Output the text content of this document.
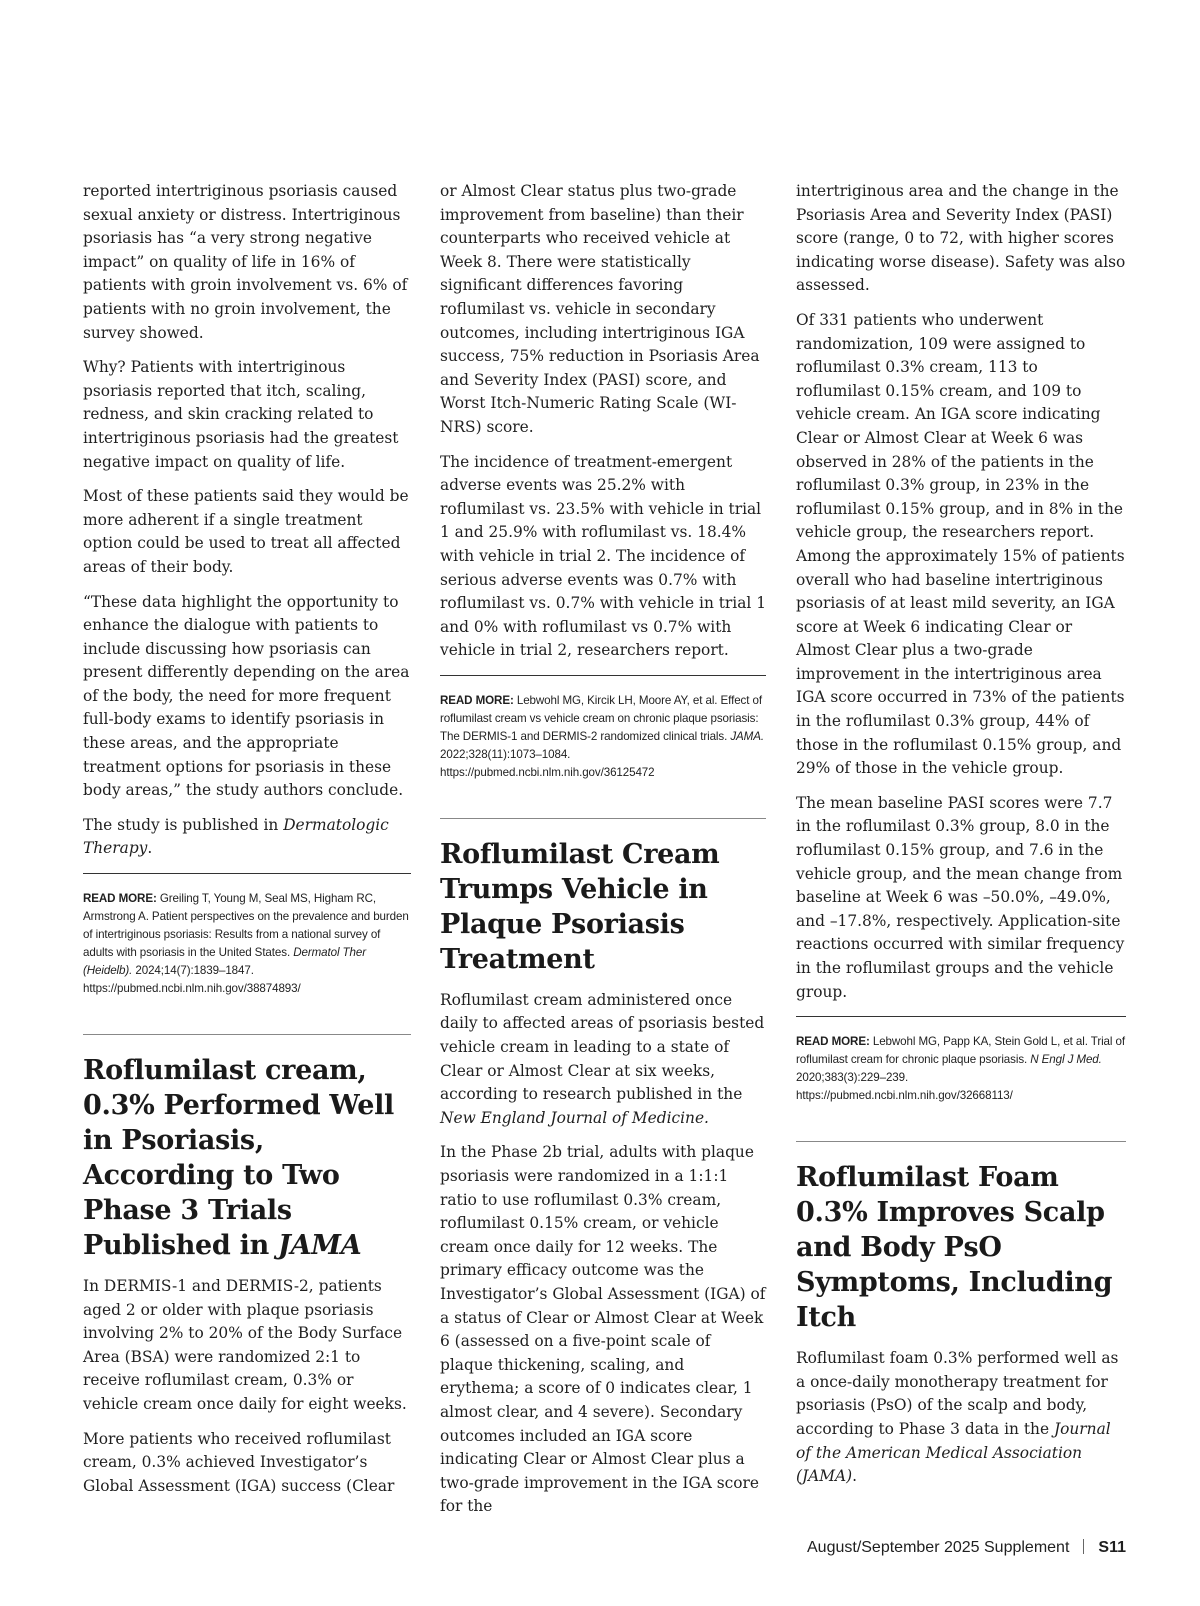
reported intertriginous psoriasis caused sexual anxiety or distress. Intertriginous psoriasis has “a very strong negative impact” on quality of life in 16% of patients with groin involvement vs. 6% of patients with no groin involvement, the survey showed.

Why? Patients with intertriginous psoriasis reported that itch, scaling, redness, and skin cracking related to intertriginous psoriasis had the greatest negative impact on quality of life.

Most of these patients said they would be more adherent if a single treatment option could be used to treat all affected areas of their body.

“These data highlight the opportunity to enhance the dialogue with patients to include discussing how psoriasis can present differently depending on the area of the body, the need for more frequent full-body exams to identify psoriasis in these areas, and the appropriate treatment options for psoriasis in these body areas,” the study authors conclude.

The study is published in Dermatologic Therapy.

READ MORE: Greiling T, Young M, Seal MS, Higham RC, Armstrong A. Patient perspectives on the prevalence and burden of intertriginous psoriasis: Results from a national survey of adults with psoriasis in the United States. Dermatol Ther (Heidelb). 2024;14(7):1839–1847. https://pubmed.ncbi.nlm.nih.gov/38874893/

Roflumilast cream, 0.3% Performed Well in Psoriasis, According to Two Phase 3 Trials Published in JAMA

In DERMIS-1 and DERMIS-2, patients aged 2 or older with plaque psoriasis involving 2% to 20% of the Body Surface Area (BSA) were randomized 2:1 to receive roflumilast cream, 0.3% or vehicle cream once daily for eight weeks.

More patients who received roflumilast cream, 0.3% achieved Investigator’s Global Assessment (IGA) success (Clear

or Almost Clear status plus two-grade improvement from baseline) than their counterparts who received vehicle at Week 8. There were statistically significant differences favoring roflumilast vs. vehicle in secondary outcomes, including intertriginous IGA success, 75% reduction in Psoriasis Area and Severity Index (PASI) score, and Worst Itch-Numeric Rating Scale (WI-NRS) score.

The incidence of treatment-emergent adverse events was 25.2% with roflumilast vs. 23.5% with vehicle in trial 1 and 25.9% with roflumilast vs. 18.4% with vehicle in trial 2. The incidence of serious adverse events was 0.7% with roflumilast vs. 0.7% with vehicle in trial 1 and 0% with roflumilast vs 0.7% with vehicle in trial 2, researchers report.

READ MORE: Lebwohl MG, Kircik LH, Moore AY, et al. Effect of roflumilast cream vs vehicle cream on chronic plaque psoriasis: The DERMIS-1 and DERMIS-2 randomized clinical trials. JAMA. 2022;328(11):1073–1084. https://pubmed.ncbi.nlm.nih.gov/36125472

Roflumilast Cream Trumps Vehicle in Plaque Psoriasis Treatment

Roflumilast cream administered once daily to affected areas of psoriasis bested vehicle cream in leading to a state of Clear or Almost Clear at six weeks, according to research published in the New England Journal of Medicine.

In the Phase 2b trial, adults with plaque psoriasis were randomized in a 1:1:1 ratio to use roflumilast 0.3% cream, roflumilast 0.15% cream, or vehicle cream once daily for 12 weeks. The primary efficacy outcome was the Investigator’s Global Assessment (IGA) of a status of Clear or Almost Clear at Week 6 (assessed on a five-point scale of plaque thickening, scaling, and erythema; a score of 0 indicates clear, 1 almost clear, and 4 severe). Secondary outcomes included an IGA score indicating Clear or Almost Clear plus a two-grade improvement in the IGA score for the

intertriginous area and the change in the Psoriasis Area and Severity Index (PASI) score (range, 0 to 72, with higher scores indicating worse disease). Safety was also assessed.

Of 331 patients who underwent randomization, 109 were assigned to roflumilast 0.3% cream, 113 to roflumilast 0.15% cream, and 109 to vehicle cream. An IGA score indicating Clear or Almost Clear at Week 6 was observed in 28% of the patients in the roflumilast 0.3% group, in 23% in the roflumilast 0.15% group, and in 8% in the vehicle group, the researchers report. Among the approximately 15% of patients overall who had baseline intertriginous psoriasis of at least mild severity, an IGA score at Week 6 indicating Clear or Almost Clear plus a two-grade improvement in the intertriginous area IGA score occurred in 73% of the patients in the roflumilast 0.3% group, 44% of those in the roflumilast 0.15% group, and 29% of those in the vehicle group.

The mean baseline PASI scores were 7.7 in the roflumilast 0.3% group, 8.0 in the roflumilast 0.15% group, and 7.6 in the vehicle group, and the mean change from baseline at Week 6 was –50.0%, –49.0%, and –17.8%, respectively. Application-site reactions occurred with similar frequency in the roflumilast groups and the vehicle group.

READ MORE: Lebwohl MG, Papp KA, Stein Gold L, et al. Trial of roflumilast cream for chronic plaque psoriasis. N Engl J Med. 2020;383(3):229–239. https://pubmed.ncbi.nlm.nih.gov/32668113/

Roflumilast Foam 0.3% Improves Scalp and Body PsO Symptoms, Including Itch

Roflumilast foam 0.3% performed well as a once-daily monotherapy treatment for psoriasis (PsO) of the scalp and body, according to Phase 3 data in the Journal of the American Medical Association (JAMA).

August/September 2025 Supplement S11
